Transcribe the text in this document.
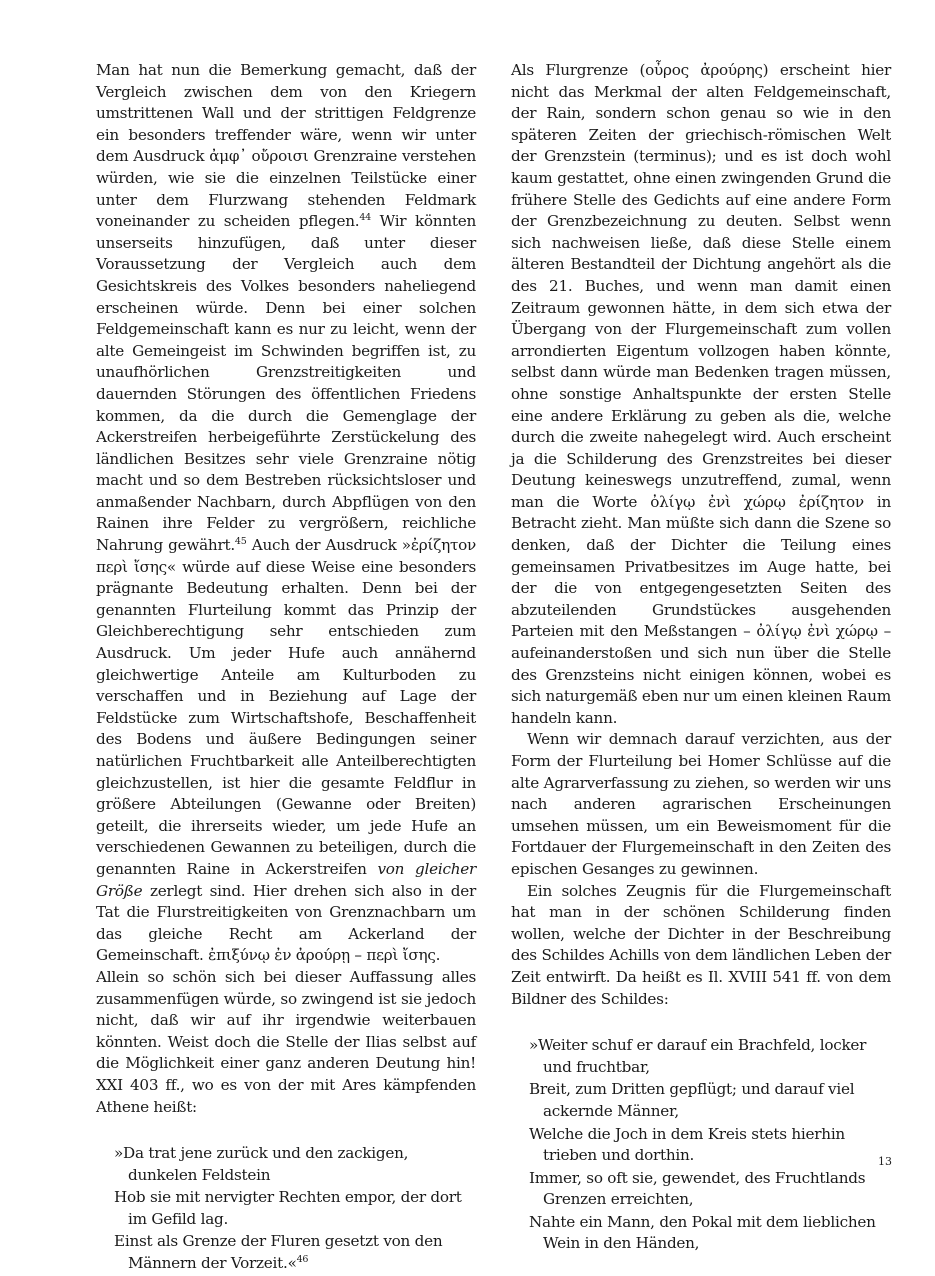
Man hat nun die Bemerkung gemacht, daß der Vergleich zwischen dem von den Kriegern umstrittenen Wall und der strittigen Feldgrenze ein besonders treffender wäre, wenn wir unter dem Ausdruck ἀμφ᾽ οὔροισι Grenzraine verstehen würden, wie sie die einzelnen Teilstücke einer unter dem Flurzwang stehenden Feldmark voneinander zu scheiden pflegen.$^{44}$ Wir könnten unserseits hinzufügen, daß unter dieser Voraussetzung der Vergleich auch dem Gesichtskreis des Volkes besonders naheliegend erscheinen würde. Denn bei einer solchen Feldgemeinschaft kann es nur zu leicht, wenn der alte Gemeingeist im Schwinden begriffen ist, zu unaufhörlichen Grenzstreitigkeiten und dauernden Störungen des öffentlichen Friedens kommen, da die durch die Gemenglage der Ackerstreifen herbeigeführte Zerstückelung des ländlichen Besitzes sehr viele Grenzraine nötig macht und so dem Bestreben rücksichtsloser und anmaßender Nachbarn, durch Abpflügen von den Rainen ihre Felder zu vergrößern, reichliche Nahrung gewährt.$^{45}$ Auch der Ausdruck »ἐρίζητον περὶ ἴσης« würde auf diese Weise eine besonders prägnante Bedeutung erhalten. Denn bei der genannten Flurteilung kommt das Prinzip der Gleichberechtigung sehr entschieden zum Ausdruck. Um jeder Hufe auch annähernd gleichwertige Anteile am Kulturboden zu verschaffen und in Beziehung auf Lage der Feldstücke zum Wirtschaftshofe, Beschaffenheit des Bodens und äußere Bedingungen seiner natürlichen Fruchtbarkeit alle Anteilberechtigten gleichzustellen, ist hier die gesamte Feldflur in größere Abteilungen (Gewanne oder Breiten) geteilt, die ihrerseits wieder, um jede Hufe an verschiedenen Gewannen zu beteiligen, durch die genannten Raine in Ackerstreifen von gleicher Größe zerlegt sind. Hier drehen sich also in der Tat die Flurstreitigkeiten von Grenznachbarn um das gleiche Recht am Ackerland der Gemeinschaft. ἐπιξύνῳ ἐν ἀρούρῃ – περὶ ἴσης.

Allein so schön sich bei dieser Auffassung alles zusammenfügen würde, so zwingend ist sie jedoch nicht, daß wir auf ihr irgendwie weiterbauen könnten. Weist doch die Stelle der Ilias selbst auf die Möglichkeit einer ganz anderen Deutung hin! XXI 403 ff., wo es von der mit Ares kämpfenden Athene heißt:

»Da trat jene zurück und den zackigen, dunkelen Feldstein
Hob sie mit nervigter Rechten empor, der dort im Gefild lag.
Einst als Grenze der Fluren gesetzt von den Männern der Vorzeit.«$^{46}$

Als Flurgrenze (οὖρος ἀρούρης) erscheint hier nicht das Merkmal der alten Feldgemeinschaft, der Rain, sondern schon genau so wie in den späteren Zeiten der griechisch-römischen Welt der Grenzstein (terminus); und es ist doch wohl kaum gestattet, ohne einen zwingenden Grund die frühere Stelle des Gedichts auf eine andere Form der Grenzbezeichnung zu deuten. Selbst wenn sich nachweisen ließe, daß diese Stelle einem älteren Bestandteil der Dichtung angehört als die des 21. Buches, und wenn man damit einen Zeitraum gewonnen hätte, in dem sich etwa der Übergang von der Flurgemeinschaft zum vollen arrondierten Eigentum vollzogen haben könnte, selbst dann würde man Bedenken tragen müssen, ohne sonstige Anhaltspunkte der ersten Stelle eine andere Erklärung zu geben als die, welche durch die zweite nahegelegt wird. Auch erscheint ja die Schilderung des Grenzstreites bei dieser Deutung keineswegs unzutreffend, zumal, wenn man die Worte ὀλίγῳ ἐνὶ χώρῳ ἐρίζητον in Betracht zieht. Man müßte sich dann die Szene so denken, daß der Dichter die Teilung eines gemeinsamen Privatbesitzes im Auge hatte, bei der die von entgegengesetzten Seiten des abzuteilenden Grundstückes ausgehenden Parteien mit den Meßstangen – ὀλίγῳ ἐνὶ χώρῳ – aufeinanderstoßen und sich nun über die Stelle des Grenzsteins nicht einigen können, wobei es sich naturgemäß eben nur um einen kleinen Raum handeln kann.

Wenn wir demnach darauf verzichten, aus der Form der Flurteilung bei Homer Schlüsse auf die alte Agrarverfassung zu ziehen, so werden wir uns nach anderen agrarischen Erscheinungen umsehen müssen, um ein Beweismoment für die Fortdauer der Flurgemeinschaft in den Zeiten des epischen Gesanges zu gewinnen.

Ein solches Zeugnis für die Flurgemeinschaft hat man in der schönen Schilderung finden wollen, welche der Dichter in der Beschreibung des Schildes Achills von dem ländlichen Leben der Zeit entwirft. Da heißt es Il. XVIII 541 ff. von dem Bildner des Schildes:

»Weiter schuf er darauf ein Brachfeld, locker und fruchtbar,
Breit, zum Dritten gepflügt; und darauf viel ackernde Männer,
Welche die Joch in dem Kreis stets hierhin trieben und dorthin.
Immer, so oft sie, gewendet, des Fruchtlands Grenzen erreichten,
Nahte ein Mann, den Pokal mit dem lieblichen Wein in den Händen,
13
